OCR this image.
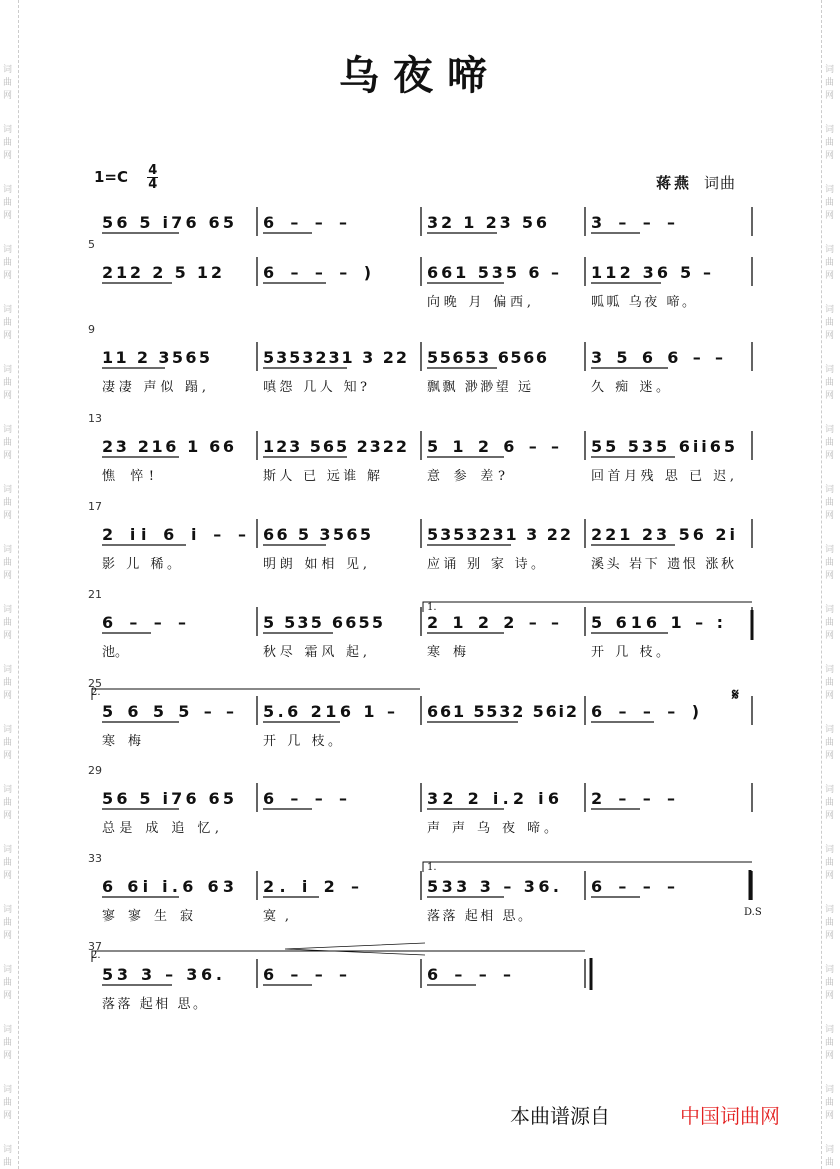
词
曲
网
词
曲
网
词
曲
网
词
曲
网
词
曲
网
词
曲
网
词
曲
网
词
曲
网
词
曲
网
词
曲
网
词
曲
网
词
曲
网
词
曲
网
词
曲
网
词
曲
网
词
曲
网
词
曲
网
词
曲
网
词
曲
词
曲
网
词
曲
网
词
曲
网
词
曲
网
词
曲
网
词
曲
网
词
曲
网
词
曲
网
词
曲
网
词
曲
网
词
曲
网
词
曲
网
词
曲
网
词
曲
网
词
曲
网
词
曲
网
词
曲
网
词
曲
网
词
曲
乌夜啼
$1=C \frac{4}{4}$	蒋燕 词曲
56 5 i76 65 6 – – –	32 1 23 56	3 – – –
5
212 2 5 12	6 – – – )	661 535 6 –
向晚 月 偏西,
112 36 5 –
呱呱 乌夜 啼。
9
11 2 3565
凄凄 声似 蹋,
5353231 3 22
嗔怨 几人 知?
55653 6566
飘飘 渺渺望 远
3 5 6 6 – –
久 痴 迷。
13
23 216 1 66
憔 悴!
123 565 2322
斯人 已 远谁 解
5 1 2 6 – –
意 参 差?
55 535 6ii65
回首月残 思 已 迟,
17
2 ii 6 i – –
影 儿 稀。
66 5 3565
明朗 如相 见,
5353231 3 22
应诵 别 家 诗。
221 23 56 2i
溪头 岩下 遗恨 涨秋
21
6 – – –
池。
5 535 6655
秋尽 霜风 起,
2 1 2 2 – –
寒 梅
5 616 1 – :
开 几 枝。
25
5 6 5 5 – –
寒 梅
5.6 216 1 –
开 几 枝。
661 5532 56i2 6 – – – )
29
56 5 i76 65
总是 成 追 忆,
6 – – –	32 2 i.2 i6
声 声 乌 夜 啼。
2 – – –
33
6 6i i.6 63
寥 寥 生 寂
2. i 2 –
寞,
533 3 – 36.
落落 起相 思。
6 – – –
37
53 3 – 36.
落落 起相 思。
6 – – –	6 – – –
1.
2.	𝄋
1.
D.S
2.
本曲谱源自	中国词曲网
